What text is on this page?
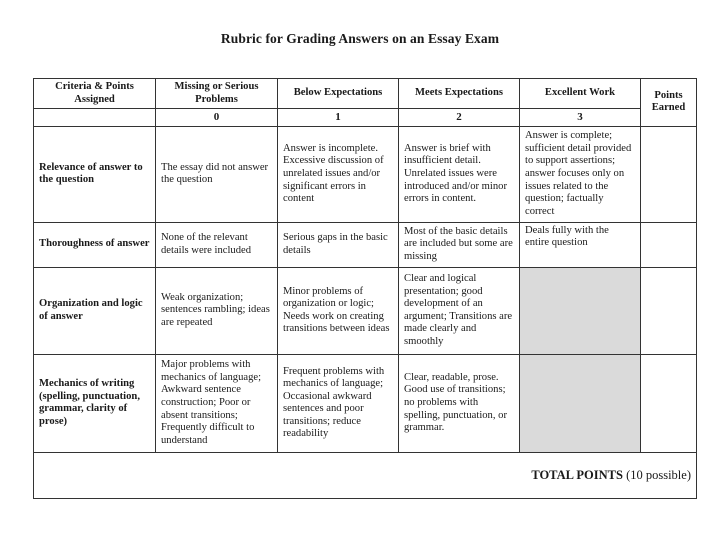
Rubric for Grading Answers on an Essay Exam
Criteria & Points Assigned	Missing or Serious Problems	Below Expectations	Meets Expectations	Excellent Work	Points Earned
	0	1	2	3	
Relevance of answer to the question	The essay did not answer the question	Answer is incomplete. Excessive discussion of unrelated issues and/or significant errors in content	Answer is brief with insufficient detail. Unrelated issues were introduced and/or minor errors in content.	Answer is complete; sufficient detail provided to support assertions; answer focuses only on issues related to the question; factually correct	
Thoroughness of answer	None of the relevant details were included	Serious gaps in the basic details	Most of the basic details are included but some are missing	Deals fully with the entire question	
Organization and logic of answer	Weak organization; sentences rambling; ideas are repeated	Minor problems of organization or logic; Needs work on creating transitions between ideas	Clear and logical presentation; good development of an argument; Transitions are made clearly and smoothly		
Mechanics of writing (spelling, punctuation, grammar, clarity of prose)	Major problems with mechanics of language; Awkward sentence construction; Poor or absent transitions; Frequently difficult to understand	Frequent problems with mechanics of language; Occasional awkward sentences and poor transitions; reduce readability	Clear, readable, prose. Good use of transitions; no problems with spelling, punctuation, or grammar.		
TOTAL POINTS (10 possible)					
